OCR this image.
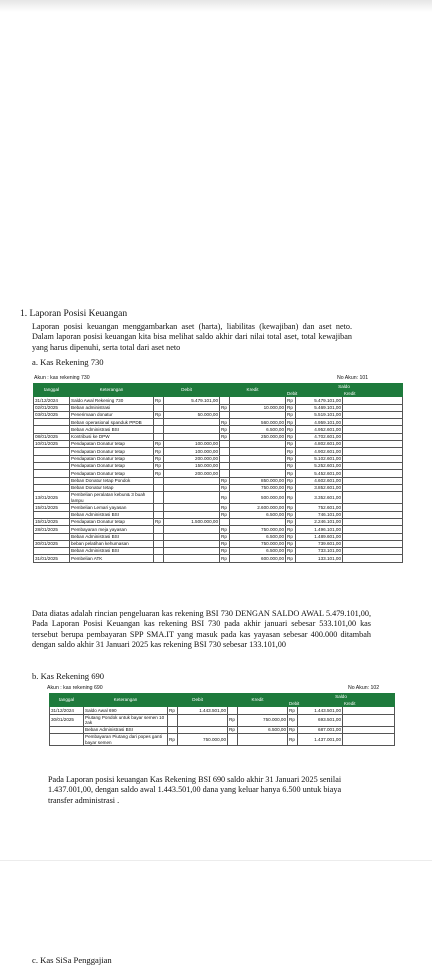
1. Laporan Posisi Keuangan
Laporan posisi keuangan menggambarkan aset (harta), liabilitas (kewajiban) dan aset neto. Dalam laporan posisi keuangan kita bisa melihat saldo akhir dari nilai total aset, total kewajiban yang harus dipenuhi, serta total dari aset neto
a. Kas Rekening 730
Akun : kas rekening 730	No Akun: 101
tanggal	Keterangan	Debit		Kredit		Saldo		
						Debit		Kredit
31/12/2024	Saldo Awal Rekening 730	Rp	5.479.101,00			Rp	5.479.101,00	
02/01/2025	Beban administrasi			Rp	10.000,00	Rp	5.469.101,00	
03/01/2025	Penerimaan donatur	Rp	50.000,00			Rp	5.519.101,00	
	Beban operasional spanduk PPDB			Rp	560.000,00	Rp	4.959.101,00	
	Beban Administrasi BSI			Rp	6.500,00	Rp	4.952.601,00	
08/01/2025	Kontribusi ke DPW			Rp	250.000,00	Rp	4.702.601,00	
10/01/2025	Pendapatan Donatur tetap	Rp	100.000,00			Rp	4.802.601,00	
	Pendapatan Donatur tetap	Rp	100.000,00			Rp	4.902.601,00	
	Pendapatan Donatur tetap	Rp	200.000,00			Rp	5.102.601,00	
	Pendapatan Donatur tetap	Rp	150.000,00			Rp	5.252.601,00	
	Pendapatan Donatur tetap	Rp	200.000,00			Rp	5.452.601,00	
	Beban Donatur tetap Pondok			Rp	850.000,00	Rp	4.602.601,00	
	Beban Donatur tetap			Rp	750.000,00	Rp	3.852.601,00	
13/01/2025	Pembelian peralatan kebun& 3 buah lampu			Rp	500.000,00	Rp	3.352.601,00	
15/01/2025	Pembelian Lemari yayasan			Rp	2.600.000,00	Rp	752.601,00	
	Beban Administrasi BSI			Rp	6.500,00	Rp	746.101,00	
15/01/2025	Pendapatan Donatur tetap	Rp	1.500.000,00			Rp	2.246.101,00	
28/01/2025	Pembayaran meja yayasan			Rp	750.000,00	Rp	1.496.101,00	
	Beban Administrasi BSI			Rp	6.500,00	Rp	1.489.601,00	
30/01/2025	beban pelatihan kehumasan			Rp	750.000,00	Rp	739.601,00	
	Beban Administrasi BSI			Rp	6.500,00	Rp	733.101,00	
31/01/2025	Pembelian ATK			Rp	600.000,00	Rp	133.101,00	
Data diatas adalah rincian pengeluaran kas rekening BSI 730 DENGAN SALDO AWAL 5.479.101,00, Pada Laporan Posisi Keuangan kas rekening BSI 730 pada akhir januari sebesar 533.101,00 kas tersebut berupa pembayaran SPP SMA.IT yang masuk pada kas yayasan sebesar 400.000 ditambah dengan saldo akhir 31 Januari 2025 kas rekening BSI 730 sebesar 133.101,00
b. Kas Rekening 690
Akun : kas rekening 690	No Akun: 102
tanggal	Keterangan	Debit		Kredit		Saldo		
						Debit		Kredit
31/12/2024	Saldo Awal 690	Rp	1.443.501,00			Rp	1.443.501,00	
30/01/2025	Piutang Pondok untuk bayar semen 10 zak			Rp	750.000,00	Rp	693.501,00	
	Beban Administrasi BSI			Rp	6.500,00	Rp	687.001,00	
	Pembayaran Piutang dari popes ganti bayar semen	Rp	750.000,00			Rp	1.437.001,00	
Pada Laporan posisi keuangan Kas Rekening BSI 690 saldo akhir 31 Januari 2025 senilai 1.437.001,00, dengan saldo awal 1.443.501,00 dana yang keluar hanya 6.500 untuk biaya transfer administrasi .
c. Kas SiSa Penggajian
